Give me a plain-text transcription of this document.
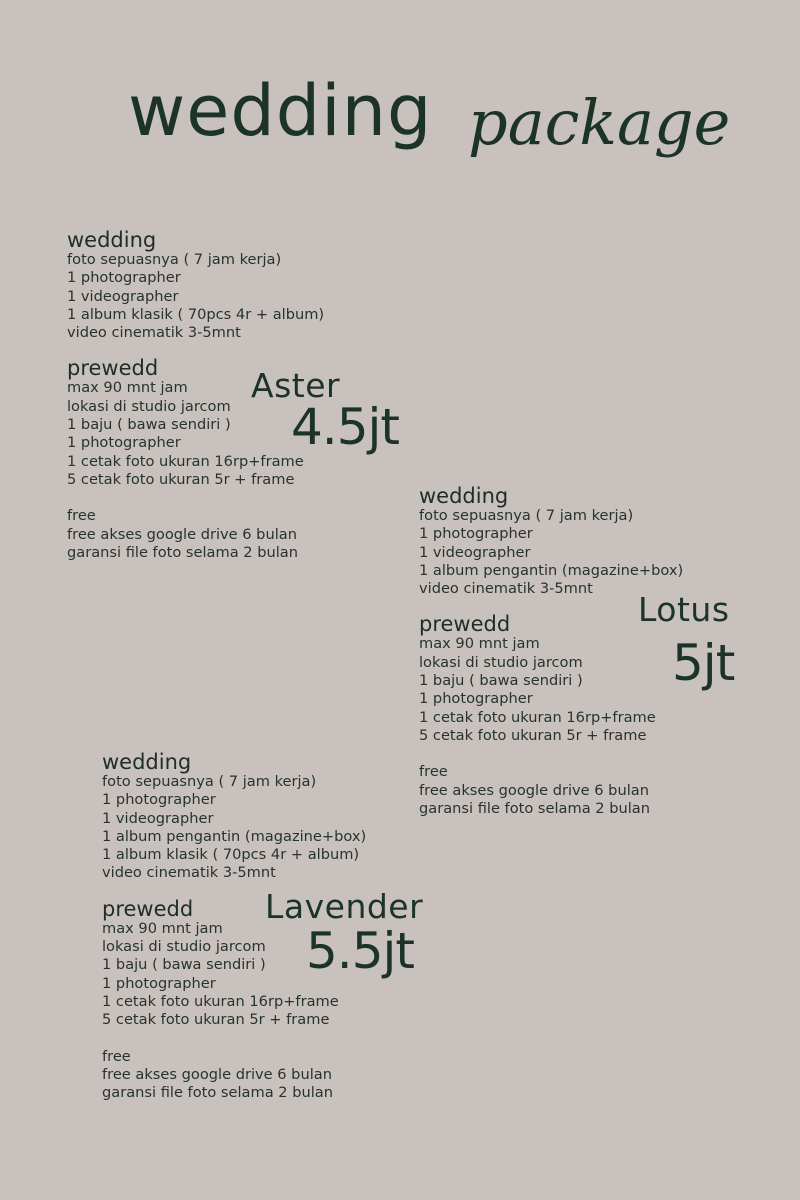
wedding package
wedding
foto sepuasnya ( 7 jam kerja)
1 photographer
1 videographer
1 album klasik ( 70pcs 4r + album)
video cinematik 3-5mnt
prewedd
max 90 mnt jam
lokasi di studio jarcom
1 baju ( bawa sendiri )
1 photographer
1 cetak foto ukuran 16rp+frame
5 cetak foto ukuran 5r + frame
free
free akses google drive 6 bulan
garansi file foto selama 2 bulan
Aster
4.5jt
wedding
foto sepuasnya ( 7 jam kerja)
1 photographer
1 videographer
1 album pengantin (magazine+box)
video cinematik 3-5mnt
prewedd
max 90 mnt jam
lokasi di studio jarcom
1 baju ( bawa sendiri )
1 photographer
1 cetak foto ukuran 16rp+frame
5 cetak foto ukuran 5r + frame
free
free akses google drive 6 bulan
garansi file foto selama 2 bulan
Lotus
5jt
wedding
foto sepuasnya ( 7 jam kerja)
1 photographer
1 videographer
1 album pengantin (magazine+box)
1 album klasik ( 70pcs 4r + album)
video cinematik 3-5mnt
prewedd
max 90 mnt jam
lokasi di studio jarcom
1 baju ( bawa sendiri )
1 photographer
1 cetak foto ukuran 16rp+frame
5 cetak foto ukuran 5r + frame
free
free akses google drive 6 bulan
garansi file foto selama 2 bulan
Lavender
5.5jt
